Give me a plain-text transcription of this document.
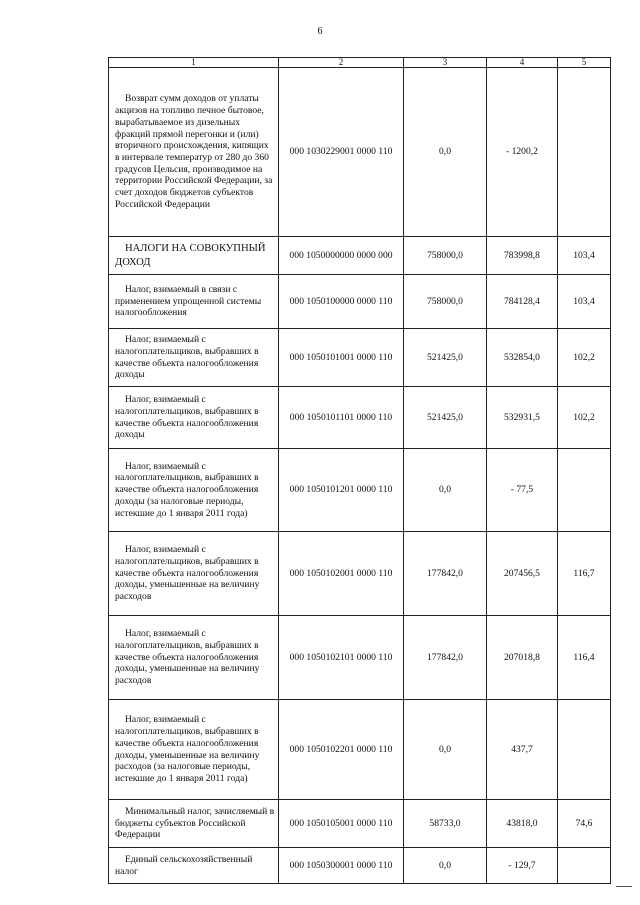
6
1	2	3	4	5

Возврат сумм доходов от уплаты акцизов на топливо печное бытовое, вырабатываемое из дизельных фракций прямой перегонки и (или) вторичного происхождения, кипящих в интервале температур от 280 до 360 градусов Цельсия, производимое на территории Российской Федерации, за счет доходов бюджетов субъектов Российской Федерации	000 1030229001 0000 110	0,0	- 1200,2	

НАЛОГИ НА СОВОКУПНЫЙ ДОХОД	000 1050000000 0000 000	758000,0	783998,8	103,4

Налог, взимаемый в связи с применением упрощенной системы налогообложения	000 1050100000 0000 110	758000,0	784128,4	103,4

Налог, взимаемый с налогоплательщиков, выбравших в качестве объекта налогообложения доходы	000 1050101001 0000 110	521425,0	532854,0	102,2

Налог, взимаемый с налогоплательщиков, выбравших в качестве объекта налогообложения доходы	000 1050101101 0000 110	521425,0	532931,5	102,2

Налог, взимаемый с налогоплательщиков, выбравших в качестве объекта налогообложения доходы (за налоговые периоды, истекшие до 1 января 2011 года)	000 1050101201 0000 110	0,0	- 77,5	

Налог, взимаемый с налогоплательщиков, выбравших в качестве объекта налогообложения доходы, уменьшенные на величину расходов	000 1050102001 0000 110	177842,0	207456,5	116,7

Налог, взимаемый с налогоплательщиков, выбравших в качестве объекта налогообложения доходы, уменьшенные на величину расходов	000 1050102101 0000 110	177842,0	207018,8	116,4

Налог, взимаемый с налогоплательщиков, выбравших в качестве объекта налогообложения доходы, уменьшенные на величину расходов (за налоговые периоды, истекшие до 1 января 2011 года)	000 1050102201 0000 110	0,0	437,7	

Минимальный налог, зачисляемый в бюджеты субъектов Российской Федерации	000 1050105001 0000 110	58733,0	43818,0	74,6

Единый сельскохозяйственный налог	000 1050300001 0000 110	0,0	- 129,7	
